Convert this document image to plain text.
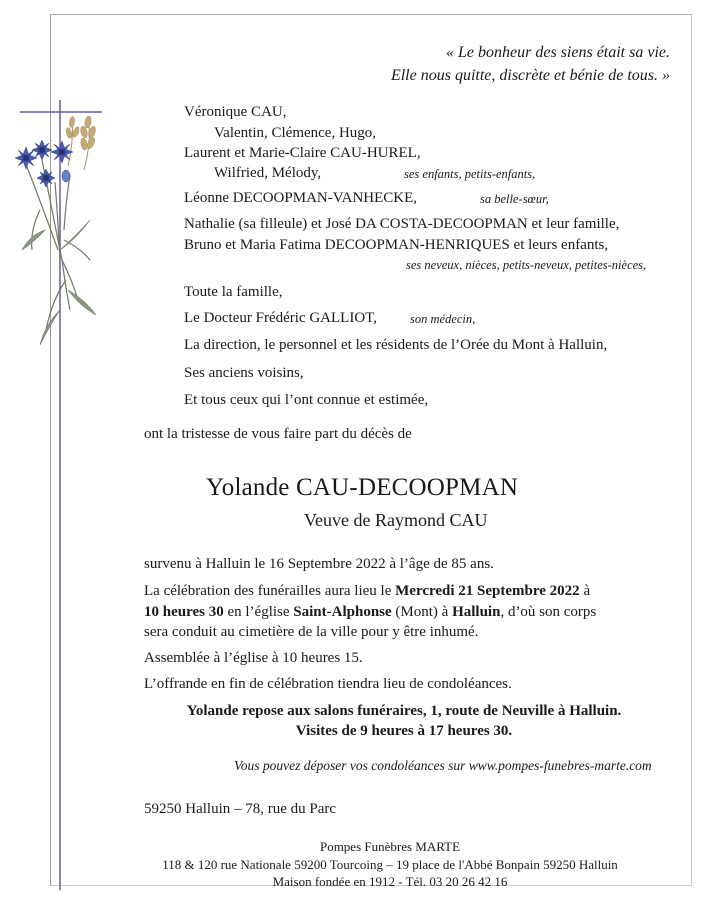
« Le bonheur des siens était sa vie.
Elle nous quitte, discrète et bénie de tous. »
Véronique CAU,
Valentin, Clémence, Hugo,
Laurent et Marie-Claire CAU-HUREL,
Wilfried, Mélody,	ses enfants, petits-enfants,
Léonne DECOOPMAN-VANHECKE,	sa belle-sœur,
Nathalie (sa filleule) et José DA COSTA-DECOOPMAN et leur famille,
Bruno et Maria Fatima DECOOPMAN-HENRIQUES et leurs enfants,
ses neveux, nièces, petits-neveux, petites-nièces,
Toute la famille,
Le Docteur Frédéric GALLIOT,	son médecin,
La direction, le personnel et les résidents de l’Orée du Mont à Halluin,
Ses anciens voisins,
Et tous ceux qui l’ont connue et estimée,
ont la tristesse de vous faire part du décès de
Yolande CAU-DECOOPMAN
Veuve de Raymond CAU
survenu à Halluin le 16 Septembre 2022 à l’âge de 85 ans.
La célébration des funérailles aura lieu le Mercredi 21 Septembre 2022 à
10 heures 30 en l’église Saint-Alphonse (Mont) à Halluin, d’où son corps
sera conduit au cimetière de la ville pour y être inhumé.
Assemblée à l’église à 10 heures 15.
L’offrande en fin de célébration tiendra lieu de condoléances.
Yolande repose aux salons funéraires, 1, route de Neuville à Halluin.
Visites de 9 heures à 17 heures 30.
Vous pouvez déposer vos condoléances sur www.pompes-funebres-marte.com
59250 Halluin – 78, rue du Parc
Pompes Funèbres MARTE
118 & 120 rue Nationale 59200 Tourcoing – 19 place de l'Abbé Bonpain 59250 Halluin
Maison fondée en 1912 - Tél. 03 20 26 42 16
